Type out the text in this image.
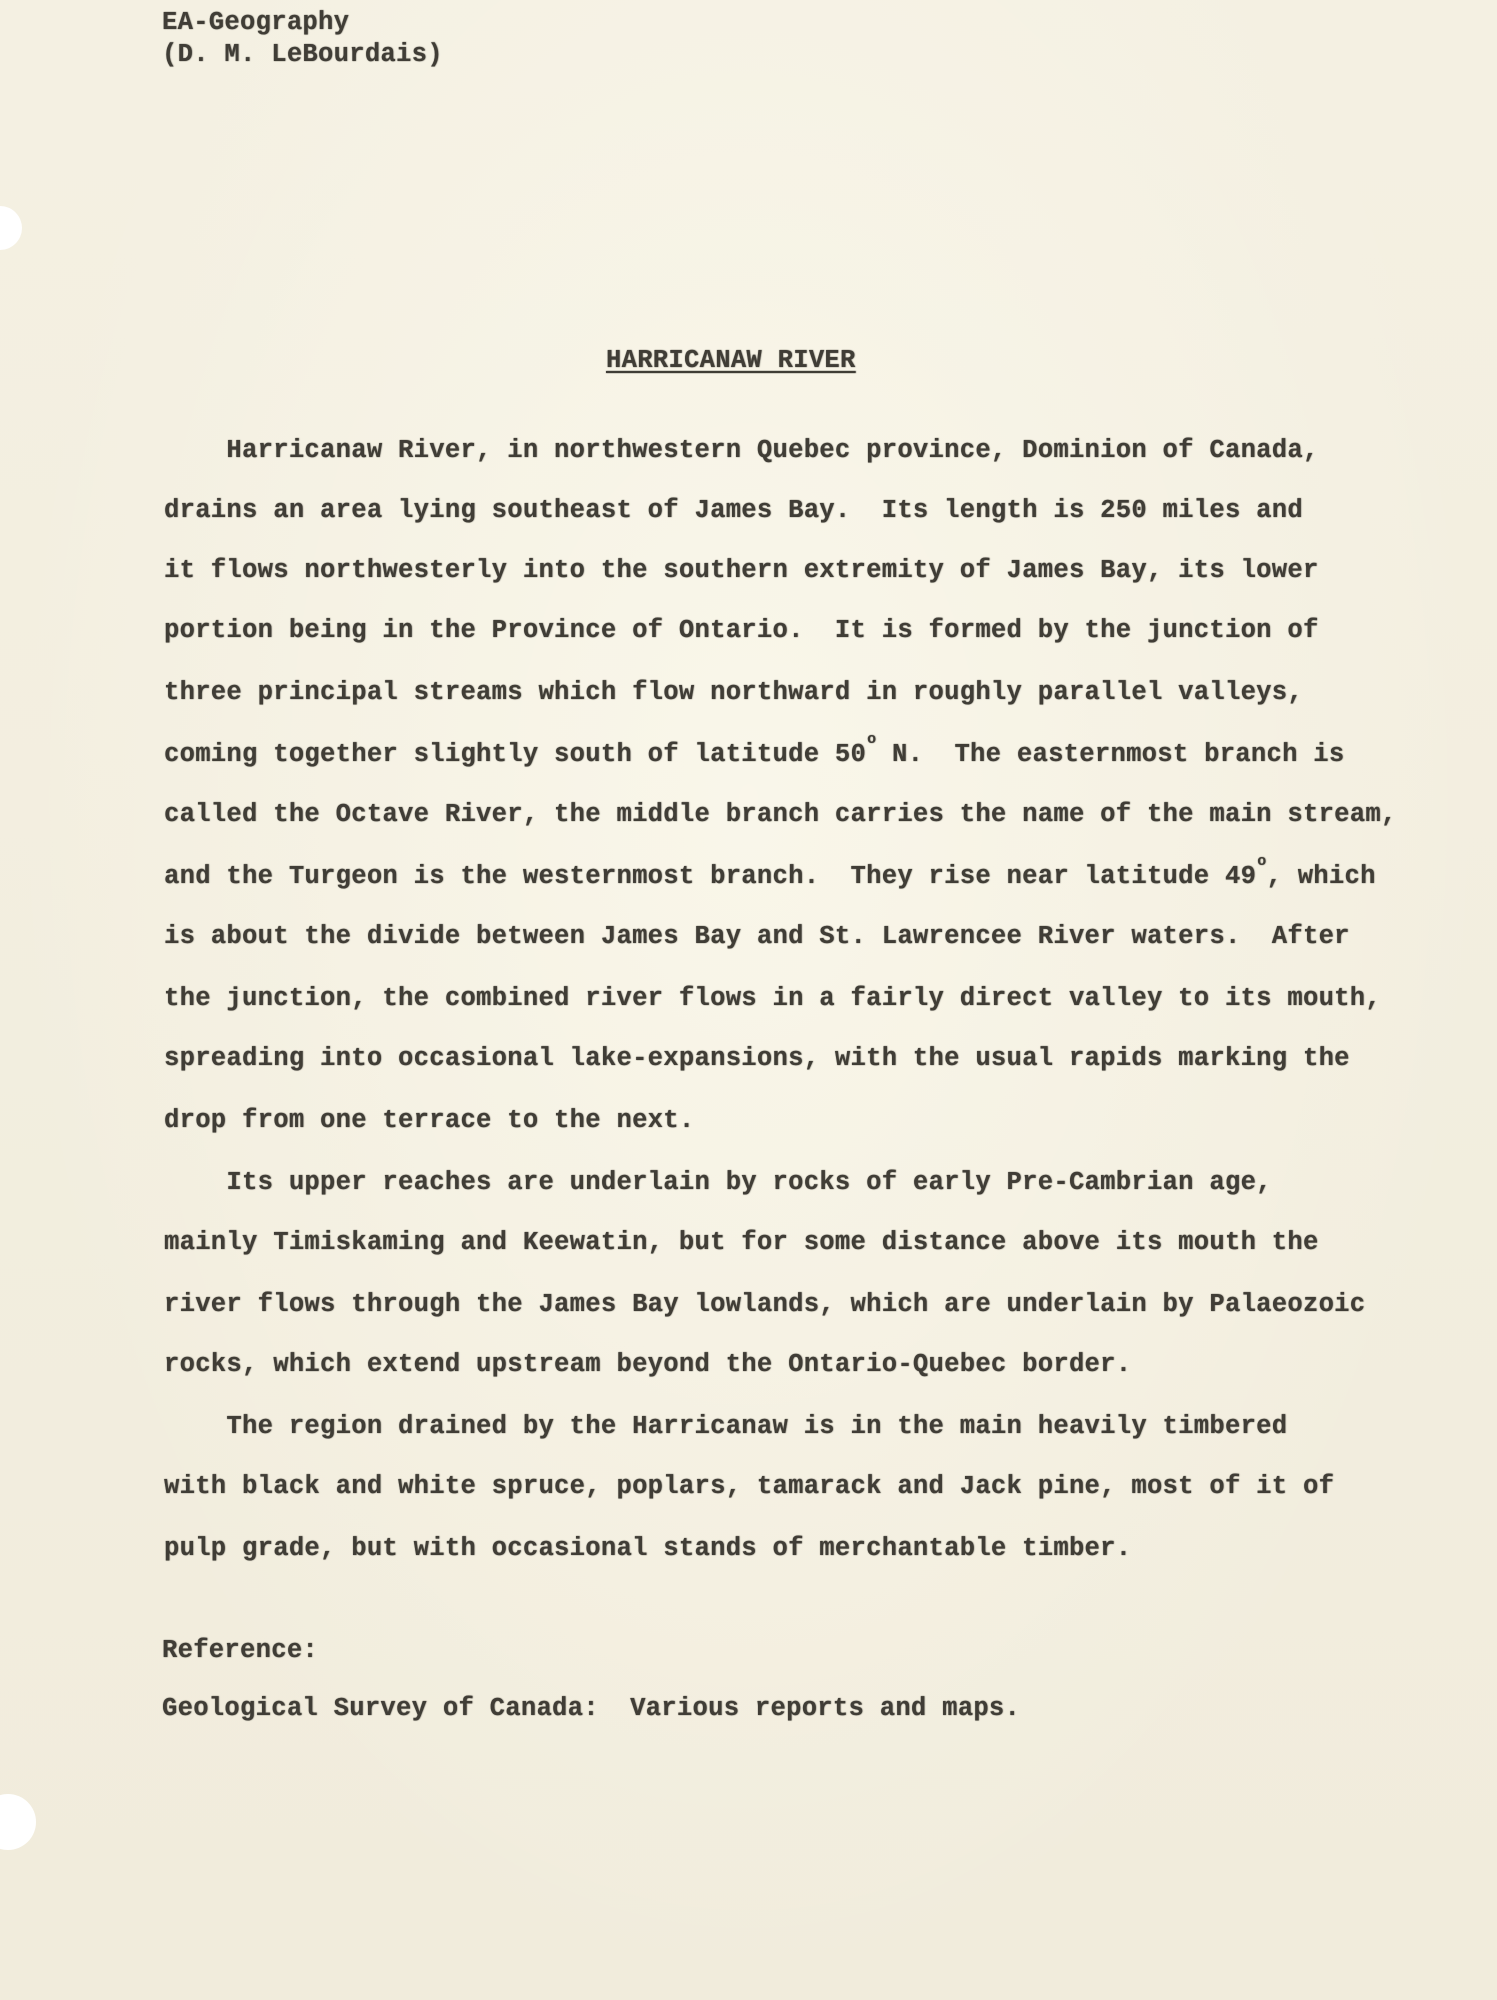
EA-Geography
(D. M. LeBourdais)
HARRICANAW RIVER
Harricanaw River, in northwestern Quebec province, Dominion of Canada,
drains an area lying southeast of James Bay.  Its length is 250 miles and
it flows northwesterly into the southern extremity of James Bay, its lower
portion being in the Province of Ontario.  It is formed by the junction of
three principal streams which flow northward in roughly parallel valleys,
coming together slightly south of latitude 50$^o$ N.  The easternmost branch is
called the Octave River, the middle branch carries the name of the main stream,
and the Turgeon is the westernmost branch.  They rise near latitude 49$^o$, which
is about the divide between James Bay and St. Lawrencee River waters.  After
the junction, the combined river flows in a fairly direct valley to its mouth,
spreading into occasional lake-expansions, with the usual rapids marking the
drop from one terrace to the next.
Its upper reaches are underlain by rocks of early Pre-Cambrian age,
mainly Timiskaming and Keewatin, but for some distance above its mouth the
river flows through the James Bay lowlands, which are underlain by Palaeozoic
rocks, which extend upstream beyond the Ontario-Quebec border.
The region drained by the Harricanaw is in the main heavily timbered
with black and white spruce, poplars, tamarack and Jack pine, most of it of
pulp grade, but with occasional stands of merchantable timber.
Reference:
Geological Survey of Canada:  Various reports and maps.
